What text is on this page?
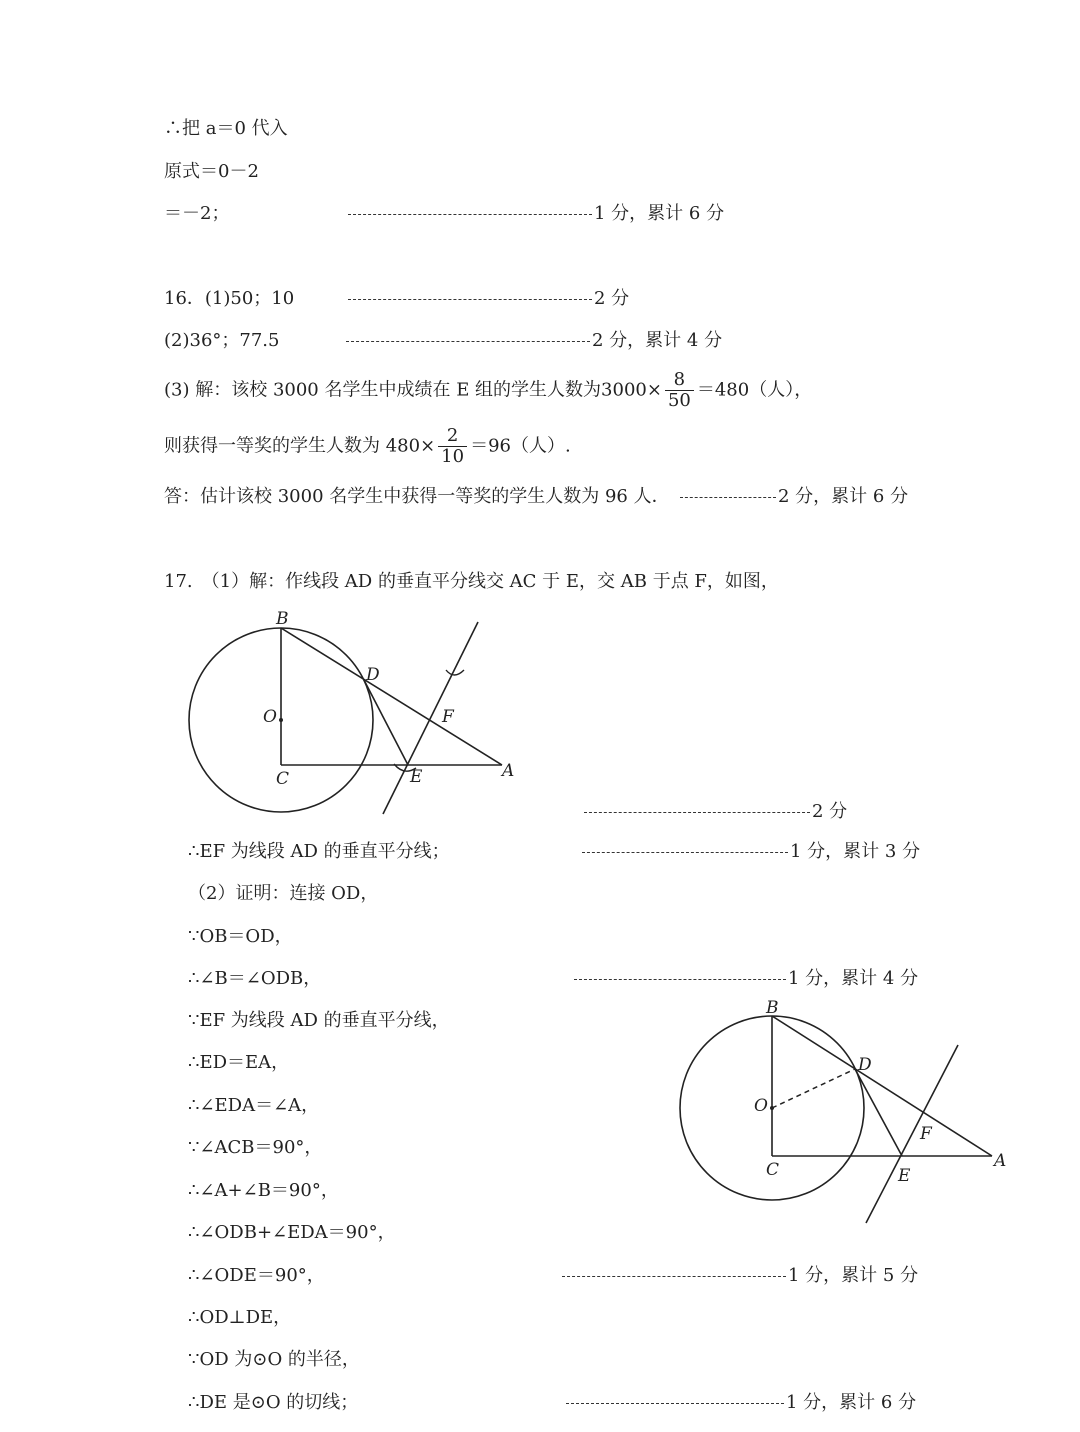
∴把 a＝0 代入
原式＝0－2
＝－2；	1 分，累计 6 分
16．(1)50；10	2 分
(2)36°；77.5	2 分，累计 4 分
(3) 解：该校 3000 名学生中成绩在 E 组的学生人数为$3000\times \frac{8}{50} =480$（人），
则获得一等奖的学生人数为 $480\times \frac{2}{10} =96$（人）.
答：估计该校 3000 名学生中获得一等奖的学生人数为 96 人．	2 分，累计 6 分
17.　（1）解：作线段 AD 的垂直平分线交 AC 于 E，交 AB 于点 F，如图，
B
D
O	F
C	E	A
2 分
∴EF 为线段 AD 的垂直平分线；	1 分，累计 3 分
（2）证明：连接 OD，
∵OB＝OD，
∴∠B＝∠ODB，	1 分，累计 4 分
∵EF 为线段 AD 的垂直平分线，
∴ED＝EA，
∴∠EDA＝∠A，
∵∠ACB＝90°，
∴∠A+∠B＝90°，
∴∠ODB+∠EDA＝90°，
∴∠ODE＝90°，	1 分，累计 5 分
∴OD⊥DE，
∵OD 为⊙O 的半径，
∴DE 是⊙O 的切线；	1 分，累计 6 分
B
D
O
F
C	E
A
